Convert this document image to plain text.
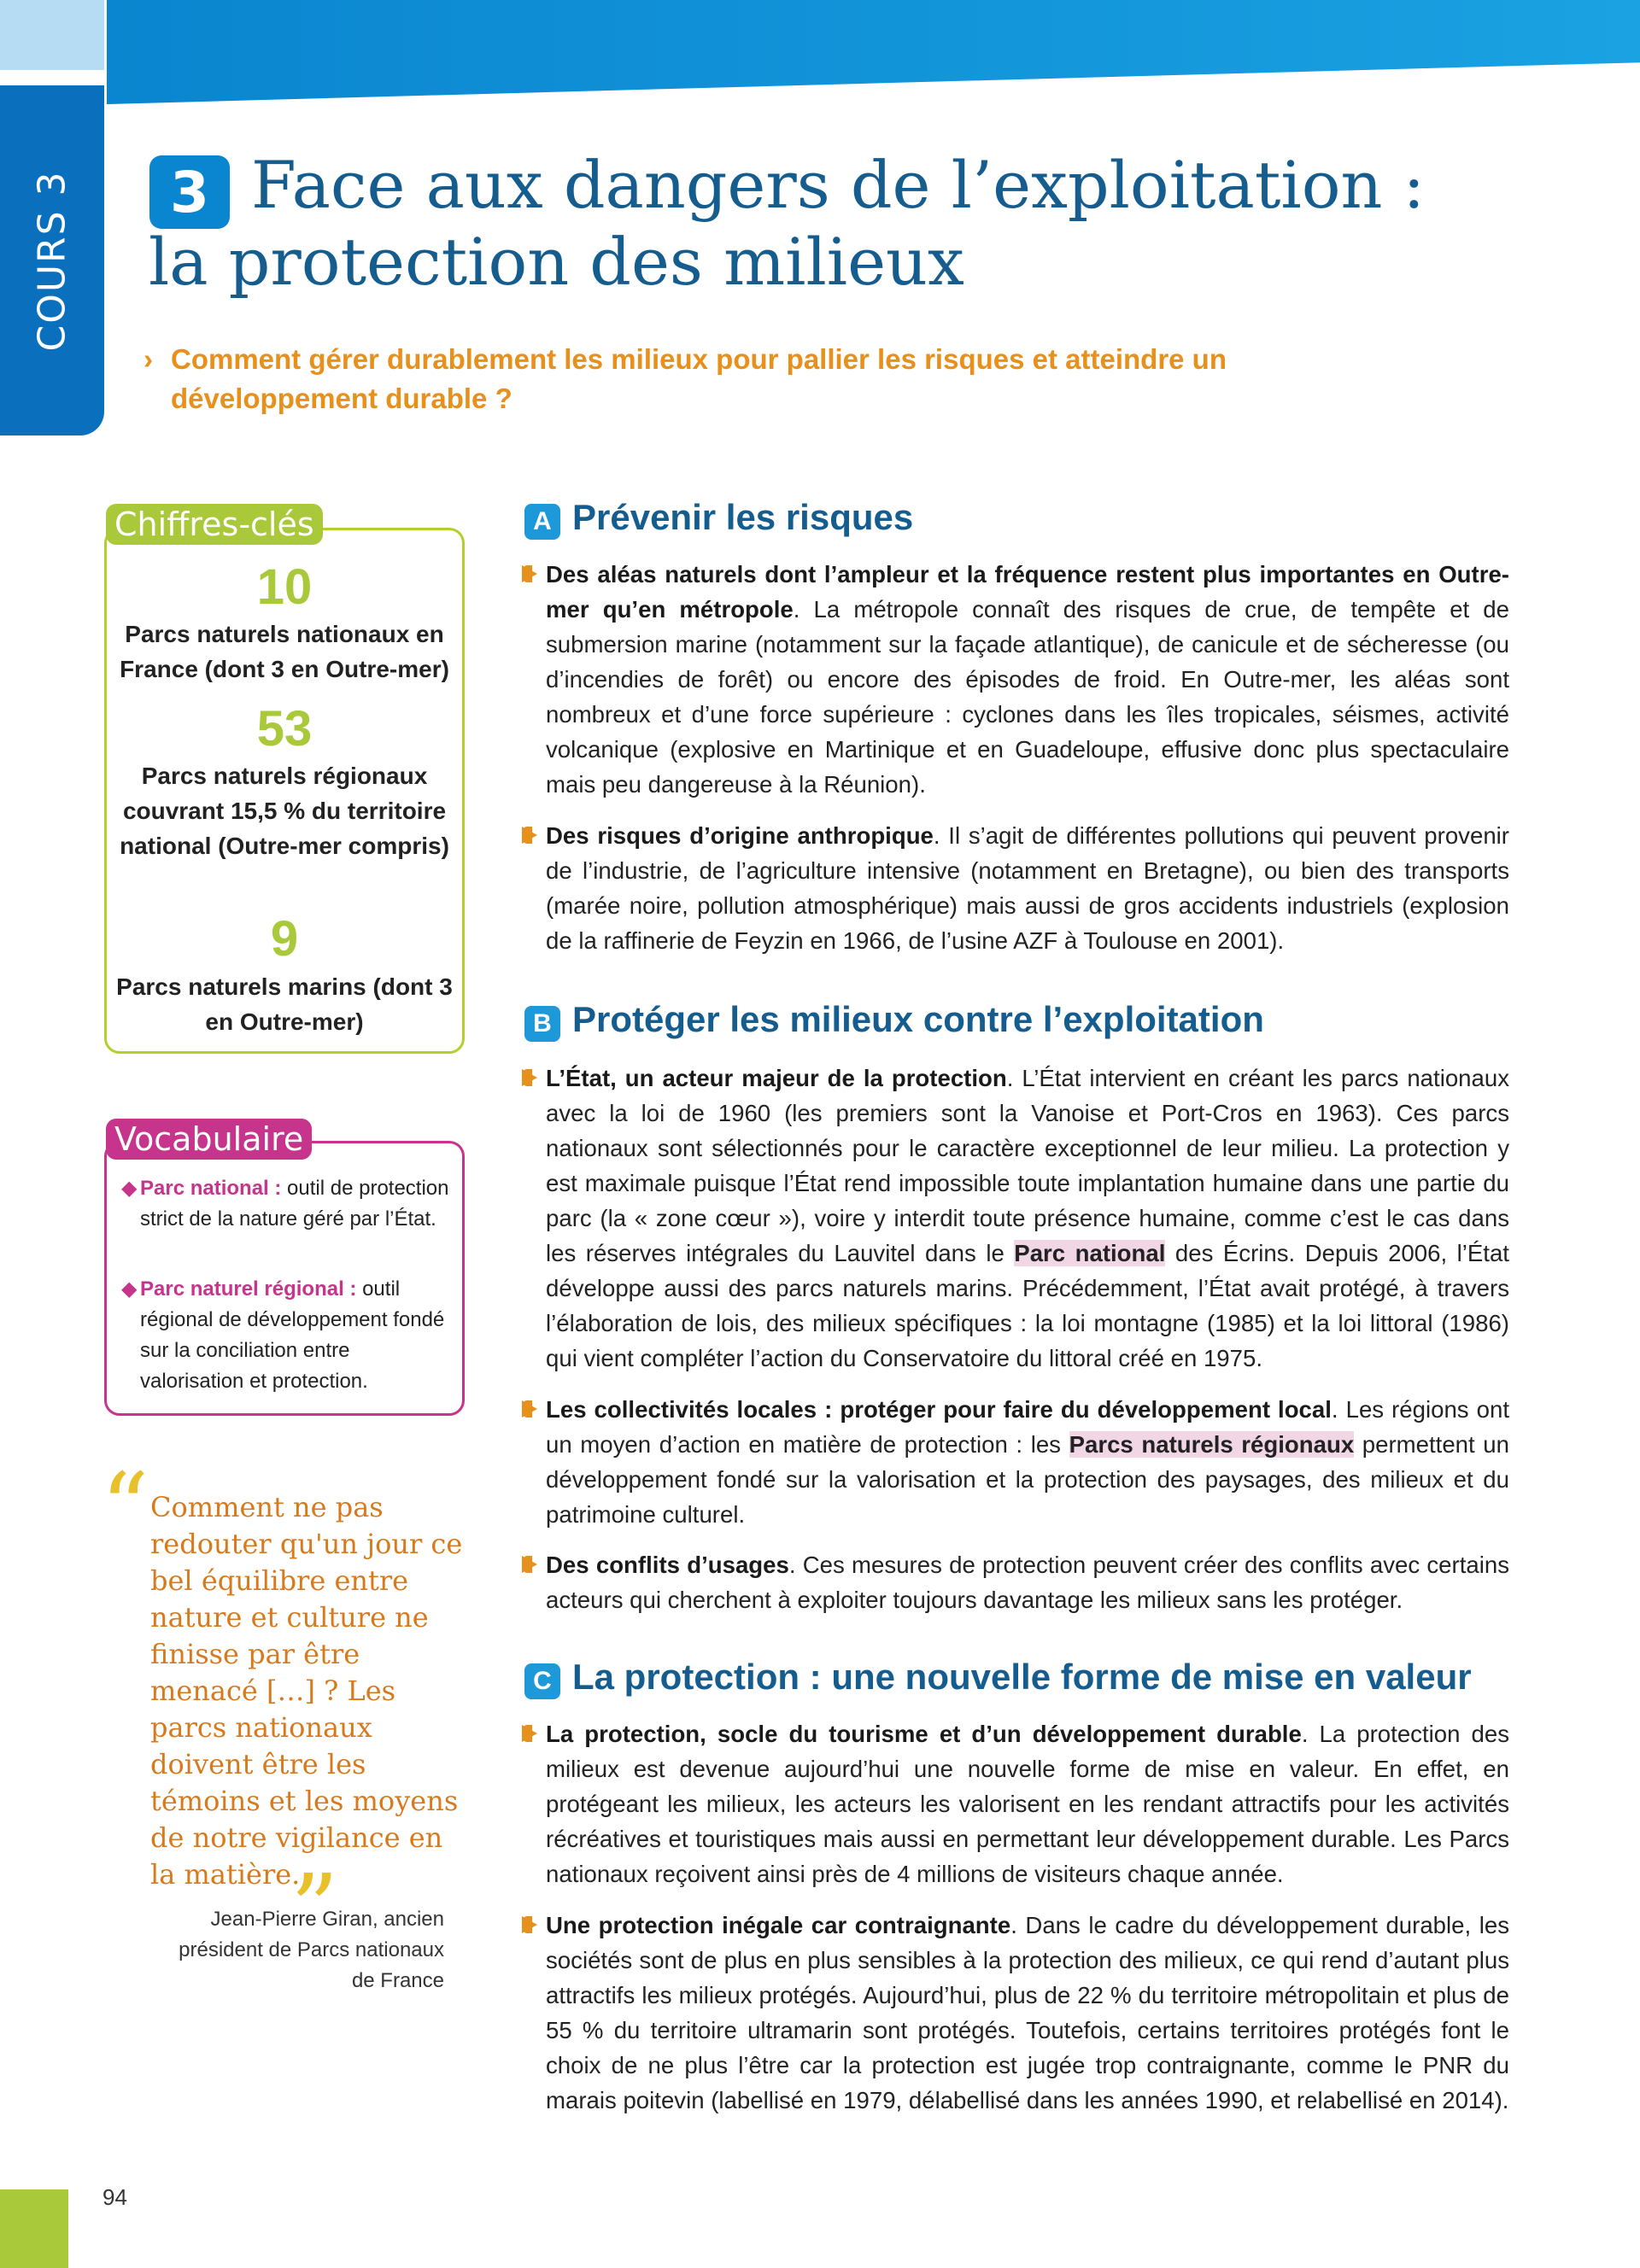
COURS 3	3 Face aux dangers de l’exploitation :
la protection des milieux
› Comment gérer durablement les milieux pour pallier les risques et atteindre un développement durable ?
Chiffres-clés
10
Parcs naturels nationaux en France (dont 3 en Outre-mer)
53
Parcs naturels régionaux couvrant 15,5 % du territoire national (Outre-mer compris)
9
Parcs naturels marins (dont 3 en Outre-mer)
Vocabulaire
◆ Parc national : outil de protection strict de la nature géré par l’État.
◆ Parc naturel régional : outil régional de développement fondé sur la conciliation entre valorisation et protection.
“ Comment ne pas redouter qu'un jour ce bel équilibre entre nature et culture ne finisse par être menacé […] ? Les parcs nationaux doivent être les témoins et les moyens de notre vigilance en la matière.
”
Jean-Pierre Giran, ancien président de Parcs nationaux de France
A Prévenir les risques
Des aléas naturels dont l’ampleur et la fréquence restent plus importantes en Outre-mer qu’en métropole. La métropole connaît des risques de crue, de tempête et de submersion marine (notamment sur la façade atlantique), de canicule et de sécheresse (ou d’incendies de forêt) ou encore des épisodes de froid. En Outre-mer, les aléas sont nombreux et d’une force supérieure : cyclones dans les îles tropicales, séismes, activité volcanique (explosive en Martinique et en Guadeloupe, effusive donc plus spectaculaire mais peu dangereuse à la Réunion).
Des risques d’origine anthropique. Il s’agit de différentes pollutions qui peuvent provenir de l’industrie, de l’agriculture intensive (notamment en Bretagne), ou bien des transports (marée noire, pollution atmosphérique) mais aussi de gros accidents industriels (explosion de la raffinerie de Feyzin en 1966, de l’usine AZF à Toulouse en 2001).
B Protéger les milieux contre l’exploitation
L’État, un acteur majeur de la protection. L’État intervient en créant les parcs nationaux avec la loi de 1960 (les premiers sont la Vanoise et Port-Cros en 1963). Ces parcs nationaux sont sélectionnés pour le caractère exceptionnel de leur milieu. La protection y est maximale puisque l’État rend impossible toute implantation humaine dans une partie du parc (la « zone cœur »), voire y interdit toute présence humaine, comme c’est le cas dans les réserves intégrales du Lauvitel dans le Parc national des Écrins. Depuis 2006, l’État développe aussi des parcs naturels marins. Précédemment, l’État avait protégé, à travers l’élaboration de lois, des milieux spécifiques : la loi montagne (1985) et la loi littoral (1986) qui vient compléter l’action du Conservatoire du littoral créé en 1975.
Les collectivités locales : protéger pour faire du développement local. Les régions ont un moyen d’action en matière de protection : les Parcs naturels régionaux permettent un développement fondé sur la valorisation et la protection des paysages, des milieux et du patrimoine culturel.
Des conflits d’usages. Ces mesures de protection peuvent créer des conflits avec certains acteurs qui cherchent à exploiter toujours davantage les milieux sans les protéger.
C La protection : une nouvelle forme de mise en valeur
La protection, socle du tourisme et d’un développement durable. La protection des milieux est devenue aujourd’hui une nouvelle forme de mise en valeur. En effet, en protégeant les milieux, les acteurs les valorisent en les rendant attractifs pour les activités récréatives et touristiques mais aussi en permettant leur développement durable. Les Parcs nationaux reçoivent ainsi près de 4 millions de visiteurs chaque année.
Une protection inégale car contraignante. Dans le cadre du développement durable, les sociétés sont de plus en plus sensibles à la protection des milieux, ce qui rend d’autant plus attractifs les milieux protégés. Aujourd’hui, plus de 22 % du territoire métropolitain et plus de 55 % du territoire ultramarin sont protégés. Toutefois, certains territoires protégés font le choix de ne plus l’être car la protection est jugée trop contraignante, comme le PNR du marais poitevin (labellisé en 1979, délabellisé dans les années 1990, et relabellisé en 2014).
94
